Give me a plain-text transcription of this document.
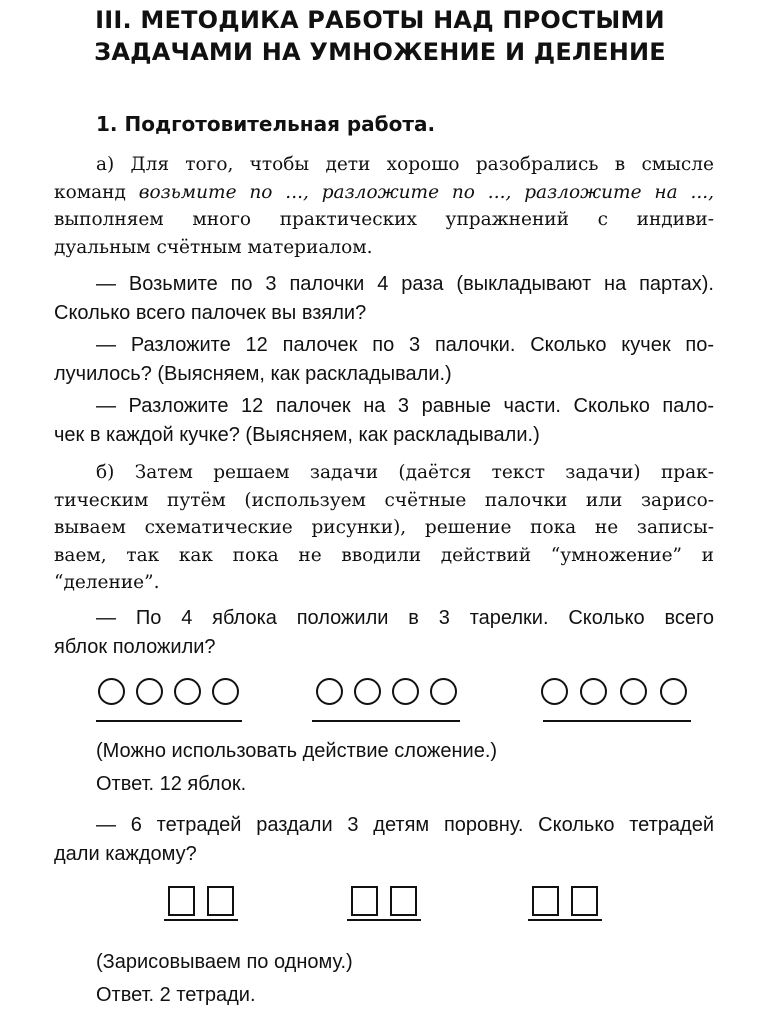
III. МЕТОДИКА РАБОТЫ НАД ПРОСТЫМИ
ЗАДАЧАМИ НА УМНОЖЕНИЕ И ДЕЛЕНИЕ
1. Подготовительная работа.
а) Для того, чтобы дети хорошо разобрались в смысле
команд возьмите по ..., разложите по ..., разложите на ...,
выполняем много практических упражнений с индиви-
дуальным счётным материалом.
— Возьмите по 3 палочки 4 раза (выкладывают на партах).
Сколько всего палочек вы взяли?
— Разложите 12 палочек по 3 палочки. Сколько кучек по-
лучилось? (Выясняем, как раскладывали.)
— Разложите 12 палочек на 3 равные части. Сколько пало-
чек в каждой кучке? (Выясняем, как раскладывали.)
б) Затем решаем задачи (даётся текст задачи) прак-
тическим путём (используем счётные палочки или зарисо-
вываем схематические рисунки), решение пока не записы-
ваем, так как пока не вводили действий “умножение” и
“деление”.
— По 4 яблока положили в 3 тарелки. Сколько всего
яблок положили?
(Можно использовать действие сложение.)
Ответ. 12 яблок.
— 6 тетрадей раздали 3 детям поровну. Сколько тетрадей
дали каждому?
(Зарисовываем по одному.)
Ответ. 2 тетради.
